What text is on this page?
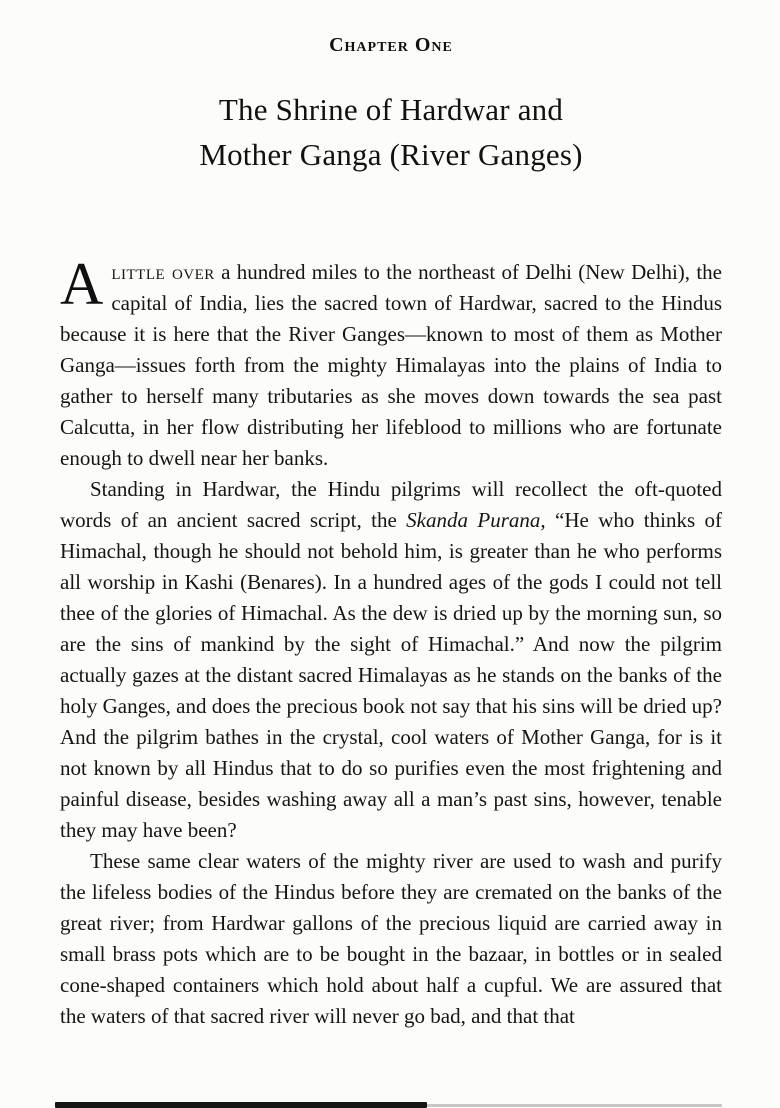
Chapter One
The Shrine of Hardwar and
Mother Ganga (River Ganges)

Alittle over a hundred miles to the northeast of Delhi (New Delhi), the capital of India, lies the sacred town of Hardwar, sacred to the Hindus because it is here that the River Ganges—known to most of them as Mother Ganga—issues forth from the mighty Himalayas into the plains of India to gather to herself many tributaries as she moves down towards the sea past Calcutta, in her flow distributing her lifeblood to millions who are fortunate enough to dwell near her banks.

Standing in Hardwar, the Hindu pilgrims will recollect the oft-quoted words of an ancient sacred script, the Skanda Purana, “He who thinks of Himachal, though he should not behold him, is greater than he who performs all worship in Kashi (Benares). In a hundred ages of the gods I could not tell thee of the glories of Himachal. As the dew is dried up by the morning sun, so are the sins of mankind by the sight of Himachal.” And now the pilgrim actually gazes at the distant sacred Himalayas as he stands on the banks of the holy Ganges, and does the precious book not say that his sins will be dried up? And the pilgrim bathes in the crystal, cool waters of Mother Ganga, for is it not known by all Hindus that to do so purifies even the most frightening and painful disease, besides washing away all a man’s past sins, however, tenable they may have been?

These same clear waters of the mighty river are used to wash and purify the lifeless bodies of the Hindus before they are cremated on the banks of the great river; from Hardwar gallons of the precious liquid are carried away in small brass pots which are to be bought in the bazaar, in bottles or in sealed cone-shaped containers which hold about half a cupful. We are assured that the waters of that sacred river will never go bad, and that that
